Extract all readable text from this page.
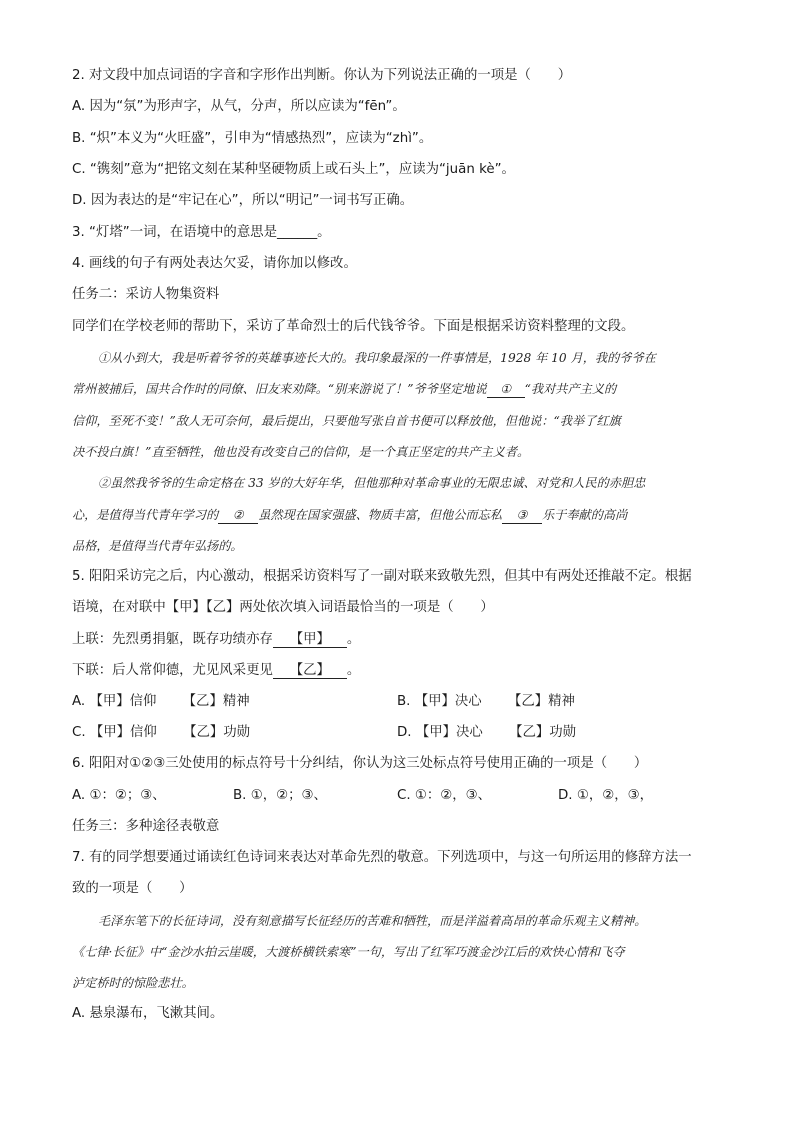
2. 对文段中加点词语的字音和字形作出判断。你认为下列说法正确的一项是（　　）
A. 因为“氛”为形声字，从气，分声，所以应读为“fēn”。
B. “炽”本义为“火旺盛”，引申为“情感热烈”，应读为“zhì”。
C. “镌刻”意为“把铭文刻在某种坚硬物质上或石头上”，应读为“juān kè”。
D. 因为表达的是“牢记在心”，所以“明记”一词书写正确。
3. “灯塔”一词，在语境中的意思是______。
4. 画线的句子有两处表达欠妥，请你加以修改。
任务二：采访人物集资料
同学们在学校老师的帮助下，采访了革命烈士的后代钱爷爷。下面是根据采访资料整理的文段。
①从小到大，我是听着爷爷的英雄事迹长大的。我印象最深的一件事情是，1928 年 10 月，我的爷爷在
常州被捕后，国共合作时的同僚、旧友来劝降。“别来游说了！”爷爷坚定地说 ① “我对共产主义的
信仰，至死不变！”敌人无可奈何，最后提出，只要他写张自首书便可以释放他，但他说：“我举了红旗
决不投白旗！”直至牺牲，他也没有改变自己的信仰，是一个真正坚定的共产主义者。
②虽然我爷爷的生命定格在 33 岁的大好年华，但他那种对革命事业的无限忠诚、对党和人民的赤胆忠
心，是值得当代青年学习的 ② 虽然现在国家强盛、物质丰富，但他公而忘私 ③ 乐于奉献的高尚
品格，是值得当代青年弘扬的。
5. 阳阳采访完之后，内心激动，根据采访资料写了一副对联来致敬先烈，但其中有两处还推敲不定。根据
语境，在对联中【甲】【乙】两处依次填入词语最恰当的一项是（　　）
上联：先烈勇捐躯，既存功绩亦存 【甲】 。
下联：后人常仰德，尤见风采更见 【乙】 。
A. 【甲】信仰 【乙】精神	B. 【甲】决心 【乙】精神
C. 【甲】信仰 【乙】功勋	D. 【甲】决心 【乙】功勋
6. 阳阳对①②③三处使用的标点符号十分纠结，你认为这三处标点符号使用正确的一项是（　　）
A. ①：②；③、	B. ①，②；③、	C. ①：②，③、	D. ①，②，③，
任务三：多种途径表敬意
7. 有的同学想要通过诵读红色诗词来表达对革命先烈的敬意。下列选项中，与这一句所运用的修辞方法一
致的一项是（　　）
毛泽东笔下的长征诗词，没有刻意描写长征经历的苦难和牺牲，而是洋溢着高昂的革命乐观主义精神。
《七律·长征》中“金沙水拍云崖暖，大渡桥横铁索寒”一句，写出了红军巧渡金沙江后的欢快心情和飞夺
泸定桥时的惊险悲壮。
A. 悬泉瀑布，飞漱其间。
